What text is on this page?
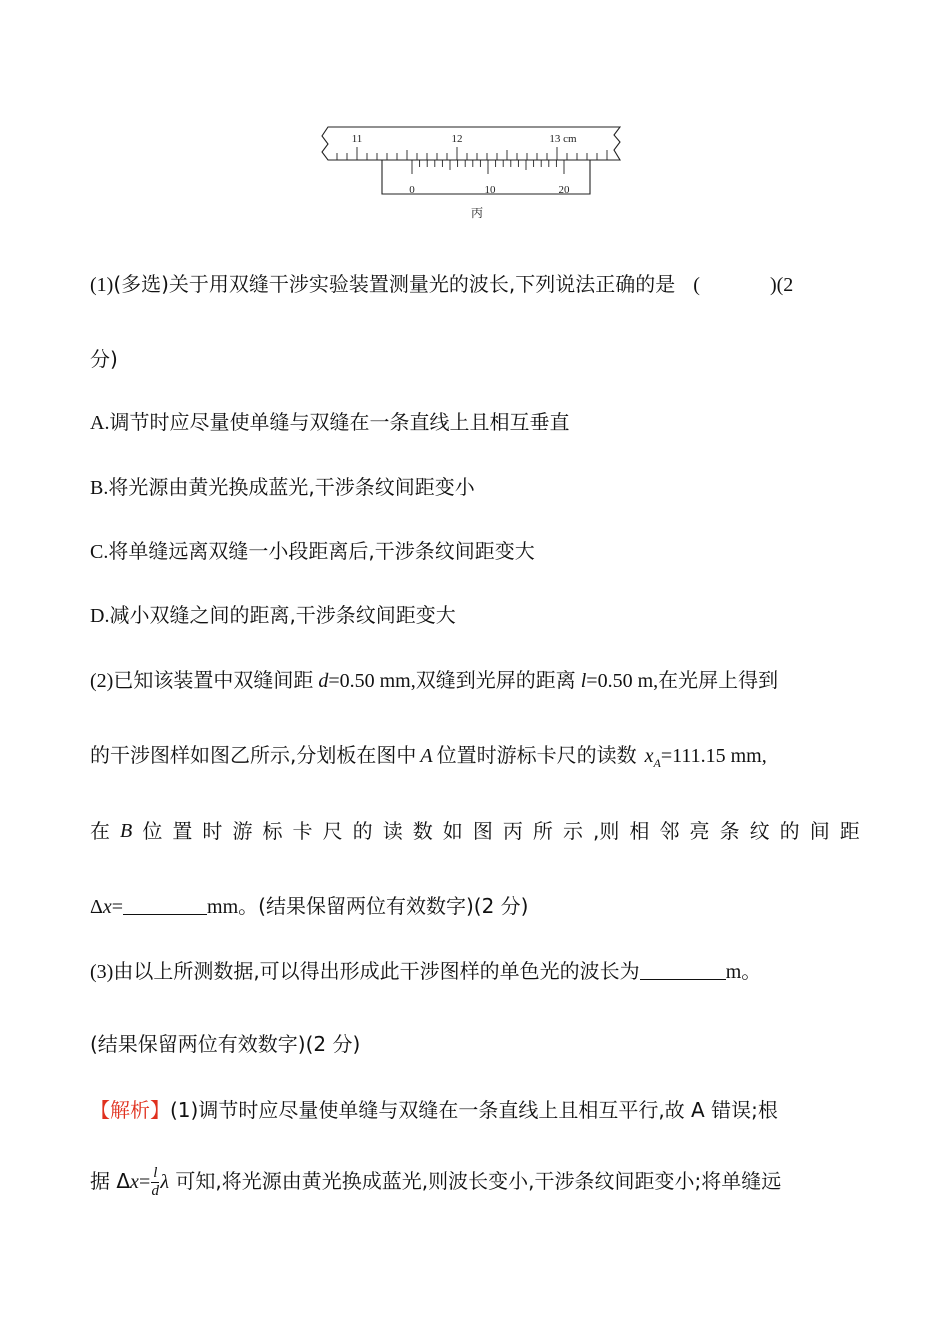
11	12	13 cm
0	10	20
丙
(1)(多选)关于用双缝干涉实验装置测量光的波长,下列说法正确的是 (	)(2
分)
A.调节时应尽量使单缝与双缝在一条直线上且相互垂直
B.将光源由黄光换成蓝光,干涉条纹间距变小
C.将单缝远离双缝一小段距离后,干涉条纹间距变大
D.减小双缝之间的距离,干涉条纹间距变大
(2)已知该装置中双缝间距 d=0.50 mm,双缝到光屏的距离 l=0.50 m,在光屏上得到
的干涉图样如图乙所示,分划板在图中 A 位置时游标卡尺的读数 $x_A=111.15$ mm,
在 B 位 置 时 游 标 卡 尺 的 读 数 如 图 丙 所 示 ,则 相 邻 亮 条 纹 的 间 距
Δx=	mm。(结果保留两位有效数字)(2 分)
(3)由以上所测数据,可以得出形成此干涉图样的单色光的波长为	m。
(结果保留两位有效数字)(2 分)
【解析】(1)调节时应尽量使单缝与双缝在一条直线上且相互平行,故 A 错误;根
据 $\Delta x= \frac{l}{d}$ λ 可知,将光源由黄光换成蓝光,则波长变小,干涉条纹间距变小;将单缝远
